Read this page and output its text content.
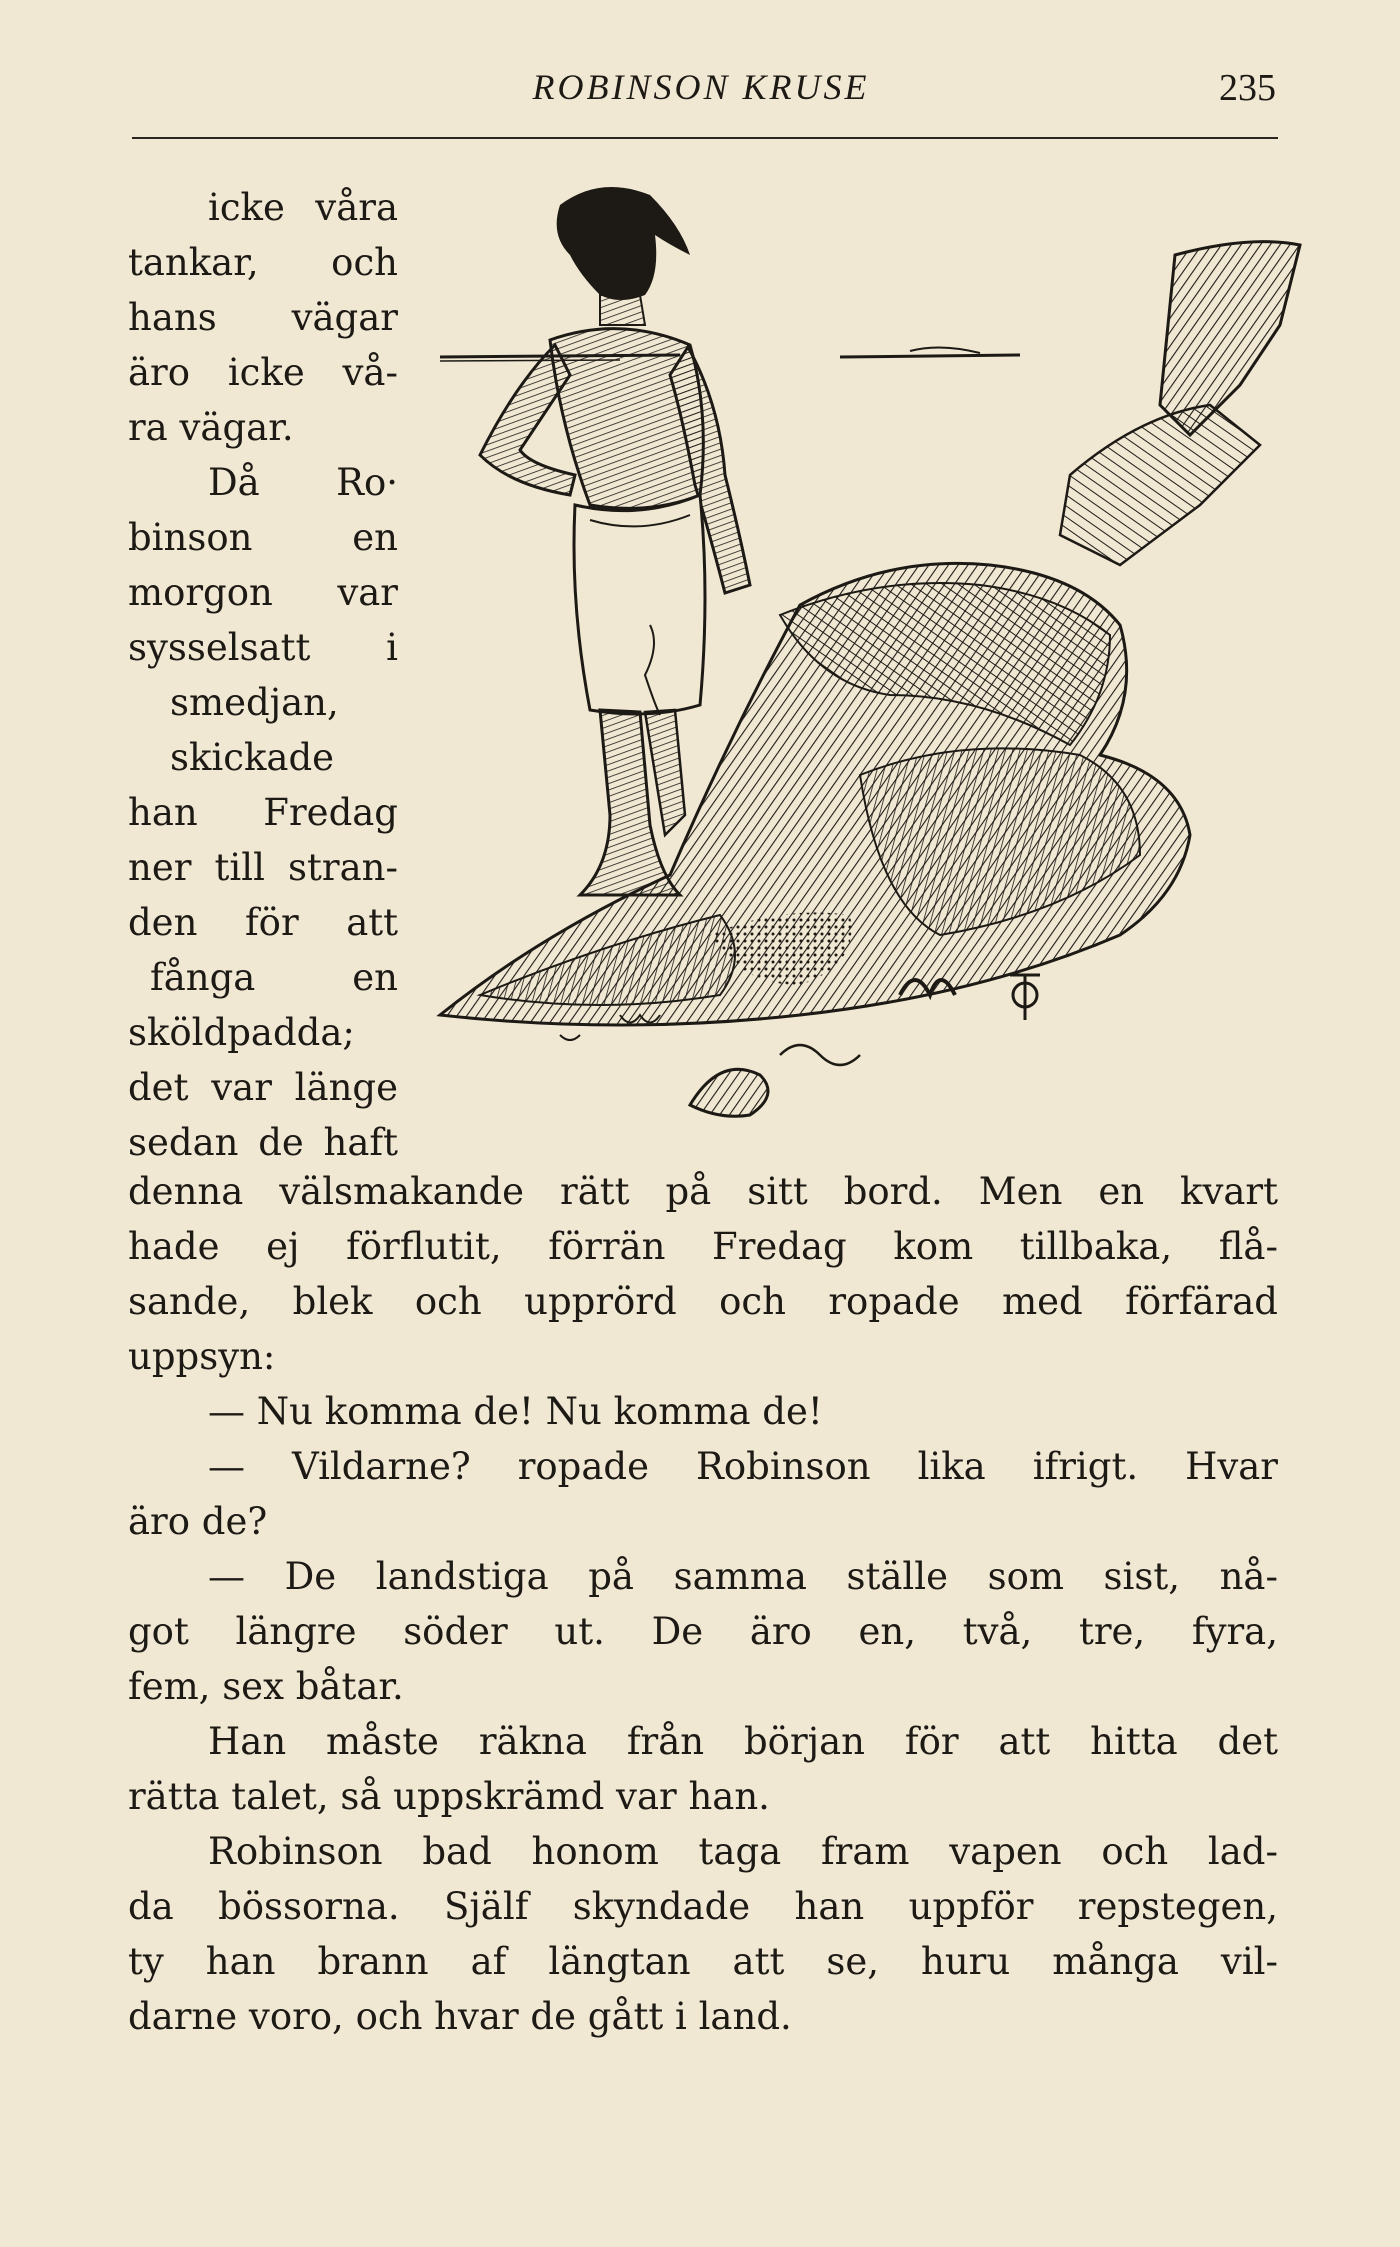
ROBINSON KRUSE	235
icke våra
tankar, och
hans vägar
äro icke vå-
ra vägar.
Då Ro·
binson en
morgon var
sysselsatt i
smedjan,
skickade
han Fredag
ner till stran-
den för att
fånga en
sköldpadda;
det var länge
sedan de haft
denna välsmakande rätt på sitt bord. Men en kvart
hade ej förflutit, förrän Fredag kom tillbaka, flå-
sande, blek och upprörd och ropade med förfärad
uppsyn:
— Nu komma de! Nu komma de!
— Vildarne? ropade Robinson lika ifrigt. Hvar
äro de?
— De landstiga på samma ställe som sist, nå-
got längre söder ut. De äro en, två, tre, fyra,
fem, sex båtar.
Han måste räkna från början för att hitta det
rätta talet, så uppskrämd var han.
Robinson bad honom taga fram vapen och lad-
da bössorna. Själf skyndade han uppför repstegen,
ty han brann af längtan att se, huru många vil-
darne voro, och hvar de gått i land.
